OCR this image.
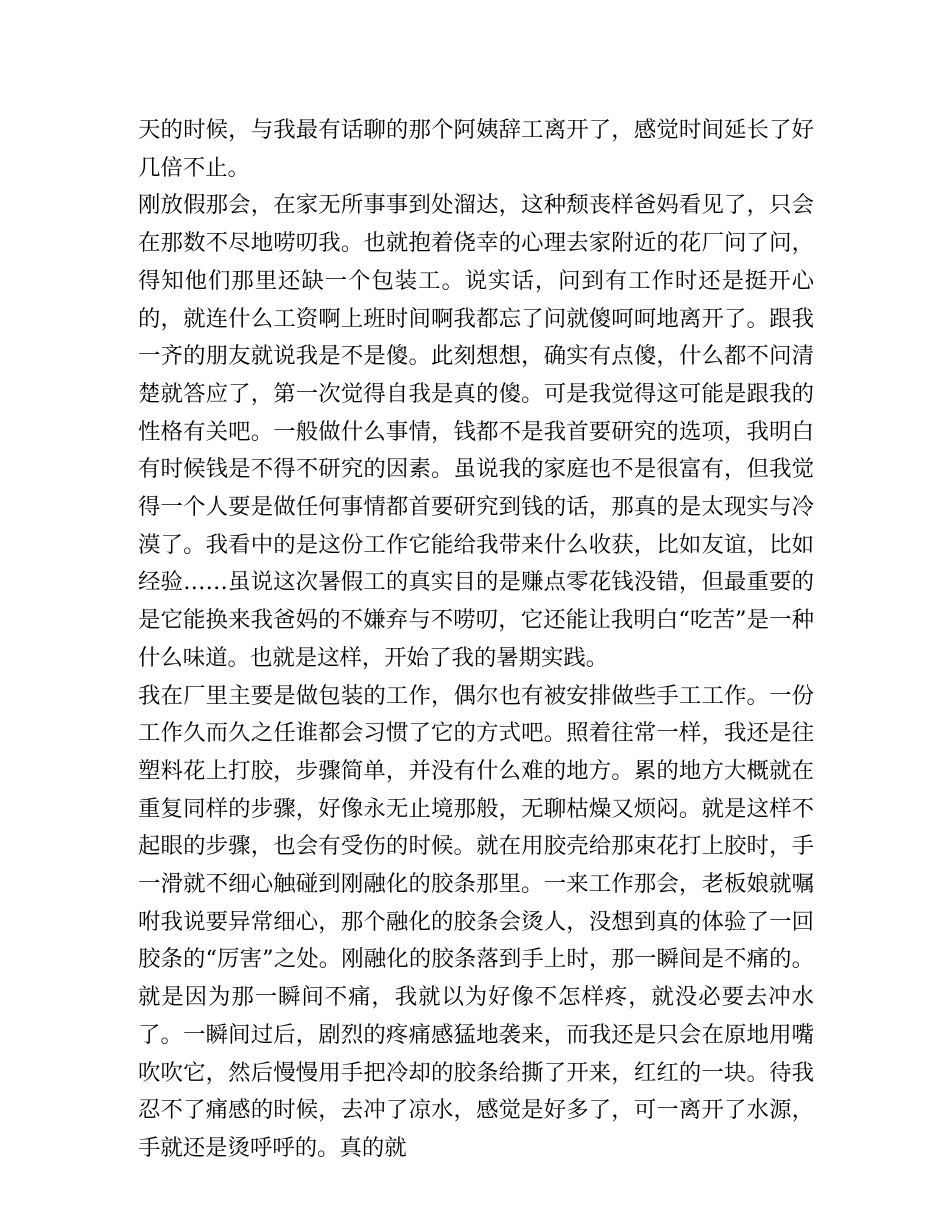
天的时候，与我最有话聊的那个阿姨辞工离开了，感觉时间延长了好几倍不止。

刚放假那会，在家无所事事到处溜达，这种颓丧样爸妈看见了，只会在那数不尽地唠叨我。也就抱着侥幸的心理去家附近的花厂问了问，得知他们那里还缺一个包装工。说实话，问到有工作时还是挺开心的，就连什么工资啊上班时间啊我都忘了问就傻呵呵地离开了。跟我一齐的朋友就说我是不是傻。此刻想想，确实有点傻，什么都不问清楚就答应了，第一次觉得自我是真的傻。可是我觉得这可能是跟我的性格有关吧。一般做什么事情，钱都不是我首要研究的选项，我明白有时候钱是不得不研究的因素。虽说我的家庭也不是很富有，但我觉得一个人要是做任何事情都首要研究到钱的话，那真的是太现实与冷漠了。我看中的是这份工作它能给我带来什么收获，比如友谊，比如经验……虽说这次暑假工的真实目的是赚点零花钱没错，但最重要的是它能换来我爸妈的不嫌弃与不唠叨，它还能让我明白“吃苦”是一种什么味道。也就是这样，开始了我的暑期实践。

我在厂里主要是做包装的工作，偶尔也有被安排做些手工工作。一份工作久而久之任谁都会习惯了它的方式吧。照着往常一样，我还是往塑料花上打胶，步骤简单，并没有什么难的地方。累的地方大概就在重复同样的步骤，好像永无止境那般，无聊枯燥又烦闷。就是这样不起眼的步骤，也会有受伤的时候。就在用胶壳给那束花打上胶时，手一滑就不细心触碰到刚融化的胶条那里。一来工作那会，老板娘就嘱咐我说要异常细心，那个融化的胶条会烫人，没想到真的体验了一回胶条的“厉害”之处。刚融化的胶条落到手上时，那一瞬间是不痛的。就是因为那一瞬间不痛，我就以为好像不怎样疼，就没必要去冲水了。一瞬间过后，剧烈的疼痛感猛地袭来，而我还是只会在原地用嘴吹吹它，然后慢慢用手把冷却的胶条给撕了开来，红红的一块。待我忍不了痛感的时候，去冲了凉水，感觉是好多了，可一离开了水源，手就还是烫呼呼的。真的就
